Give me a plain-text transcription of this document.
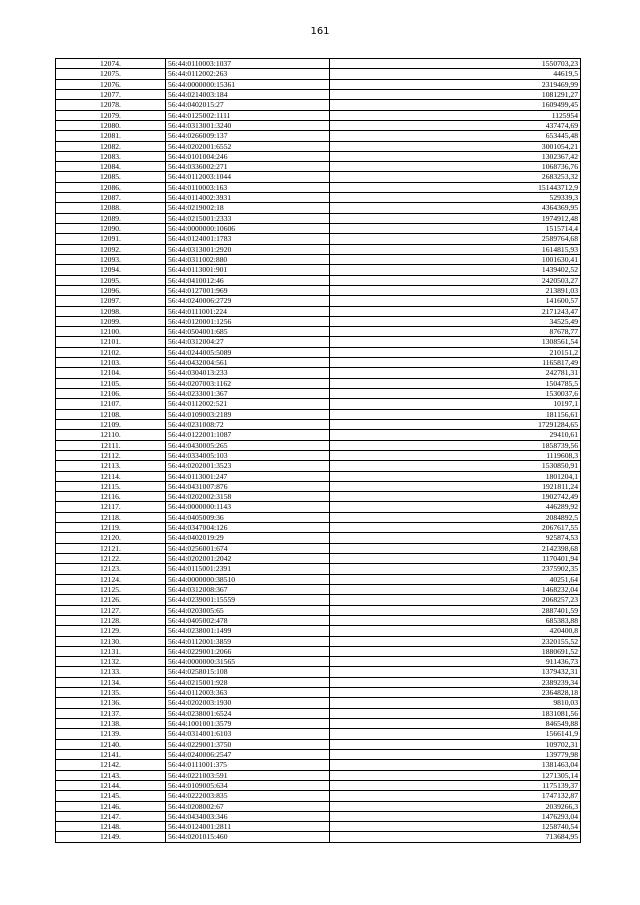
161
12074.	56:44:0110003:1037	1550703,23
12075.	56:44:0112002:263	44619,5
12076.	56:44:0000000:15361	2319469,99
12077.	56:44:0214003:184	1081291,27
12078.	56:44:0402015:27	1609499,45
12079.	56:44:0125002:1111	1125954
12080.	56:44:0313001:3240	437474,69
12081.	56:44:0266009:137	653445,48
12082.	56:44:0202001:6552	3001054,21
12083.	56:44:0101004:246	1302367,42
12084.	56:44:0336002:271	1068736,76
12085.	56:44:0112003:1044	2683253,32
12086.	56:44:0110003:163	151443712,9
12087.	56:44:0114002:3931	529339,3
12088.	56:44:0219002:18	4364369,95
12089.	56:44:0215001:2333	1974912,48
12090.	56:44:0000000:10606	1515714,4
12091.	56:44:0124001:1783	2589764,68
12092.	56:44:0313001:2920	1614815,93
12093.	56:44:0311002:880	1001630,41
12094.	56:44:0113001:901	1439402,52
12095.	56:44:0410012:46	2420503,27
12096.	56:44:0127001:969	213891,03
12097.	56:44:0240006:2729	141600,57
12098.	56:44:0111001:224	2171243,47
12099.	56:44:0120001:1256	34525,49
12100.	56:44:0504001:685	87678,77
12101.	56:44:0312004:27	1308561,54
12102.	56:44:0244005:5089	210151,2
12103.	56:44:0432004:561	1165817,49
12104.	56:44:0304013:233	242781,31
12105.	56:44:0207003:1162	1504785,5
12106.	56:44:0233001:367	1530037,6
12107.	56:44:0112002:521	10197,1
12108.	56:44:0109003:2189	181156,61
12109.	56:44:0231008:72	17291284,65
12110.	56:44:0122001:1087	29410,61
12111.	56:44:0430005:265	1858739,56
12112.	56:44:0334005:103	1119608,3
12113.	56:44:0202001:3523	1530850,91
12114.	56:44:0113001:247	1801204,1
12115.	56:44:0431007:876	1921811,24
12116.	56:44:0202002:3158	1902742,49
12117.	56:44:0000000:1143	446289,92
12118.	56:44:0405009:36	2084892,5
12119.	56:44:0347004:126	2067617,55
12120.	56:44:0402019:29	925874,53
12121.	56:44:0256001:674	2142398,68
12122.	56:44:0202001:2042	1170401,94
12123.	56:44:0115001:2391	2375902,35
12124.	56:44:0000000:38510	40251,64
12125.	56:44:0312008:367	1468232,04
12126.	56:44:0239001:15559	2068257,23
12127.	56:44:0203005:65	2887401,59
12128.	56:44:0405002:478	685383,88
12129.	56:44:0238001:1499	420400,8
12130.	56:44:0112001:3859	2320155,52
12131.	56:44:0229001:2066	1880691,52
12132.	56:44:0000000:31565	911436,73
12133.	56:44:0258015:108	1379432,31
12134.	56:44:0215001:928	2389239,34
12135.	56:44:0112003:363	2364828,18
12136.	56:44:0202003:1930	9810,03
12137.	56:44:0238001:6524	1831081,56
12138.	56:44:1001001:3579	846549,88
12139.	56:44:0314001:6103	1566141,9
12140.	56:44:0229001:3750	109702,31
12141.	56:44:0240006:2547	139779,98
12142.	56:44:0111001:375	1381463,04
12143.	56:44:0221003:591	1271305,14
12144.	56:44:0109005:634	1175139,37
12145.	56:44:0222003:835	1747132,87
12146.	56:44:0208002:67	2039266,3
12147.	56:44:0434003:346	1476293,04
12148.	56:44:0124001:2811	1258740,54
12149.	56:44:0201015:460	713684,95
